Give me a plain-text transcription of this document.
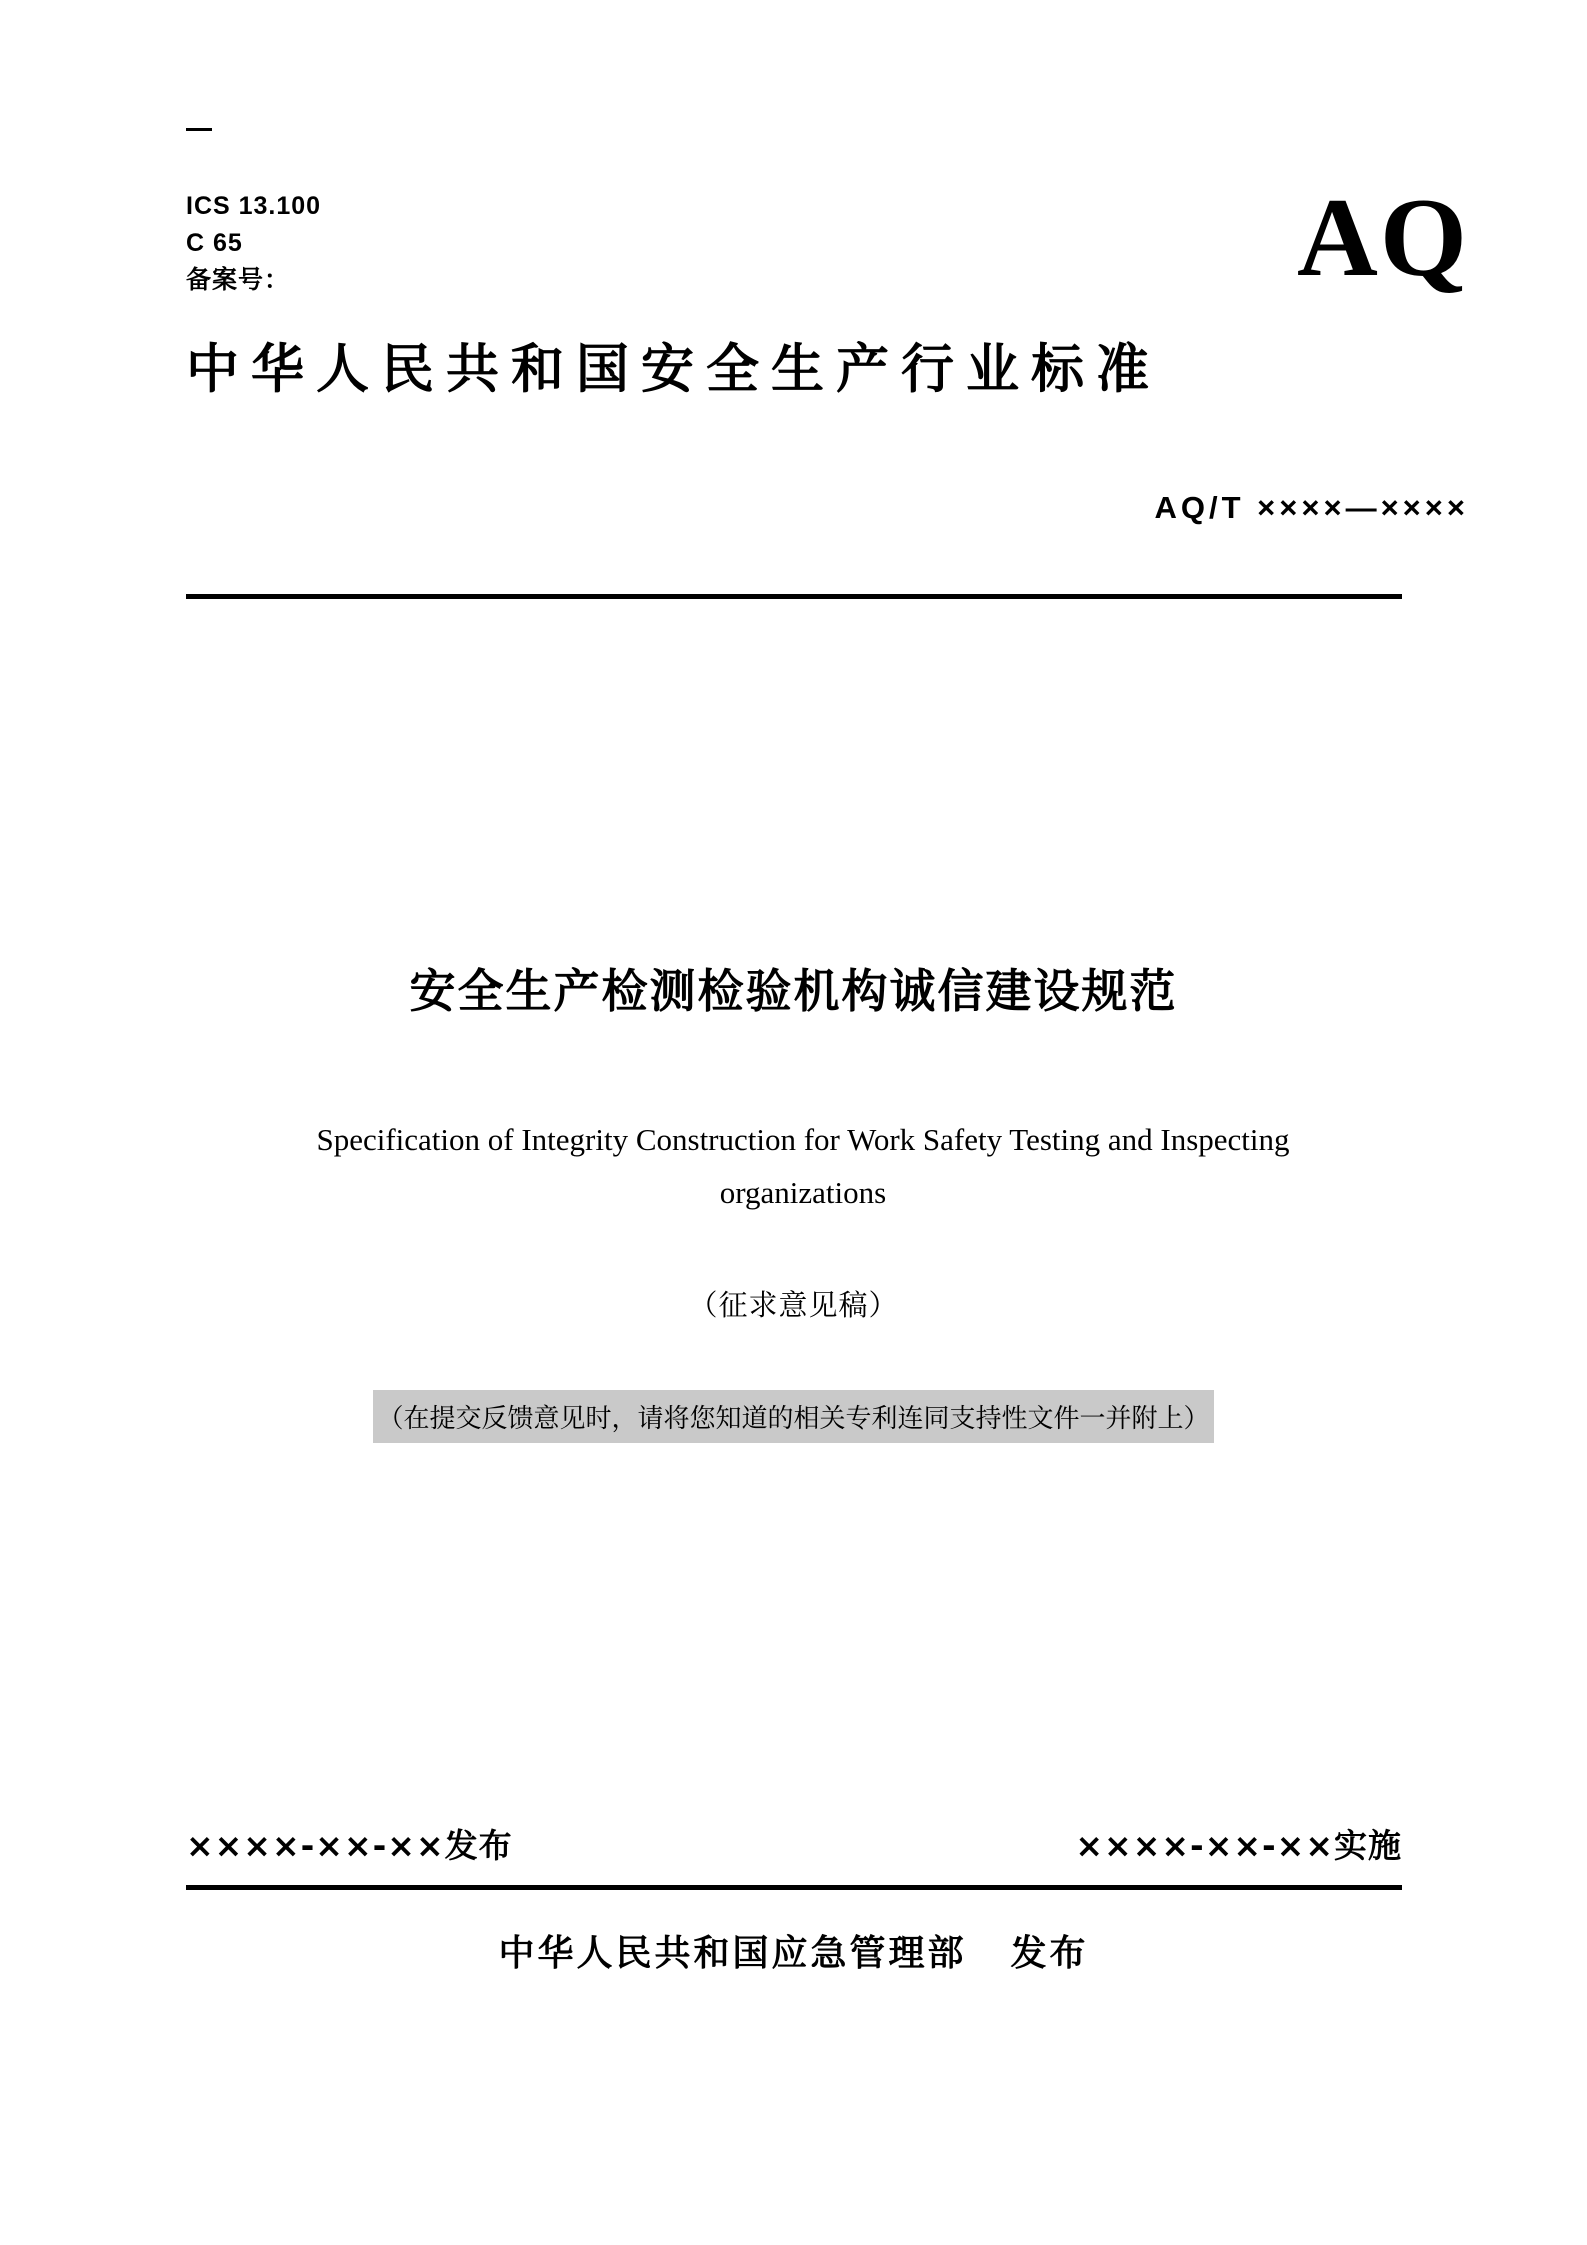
ICS 13.100
C 65
备案号：	AQ
中华人民共和国安全生产行业标准
AQ/T ××××—××××
安全生产检测检验机构诚信建设规范
Specification of Integrity Construction for Work Safety Testing and Inspecting
organizations
（征求意见稿）
（在提交反馈意见时，请将您知道的相关专利连同支持性文件一并附上）
××××-××-××发布	××××-××-××实施
中华人民共和国应急管理部 发布
